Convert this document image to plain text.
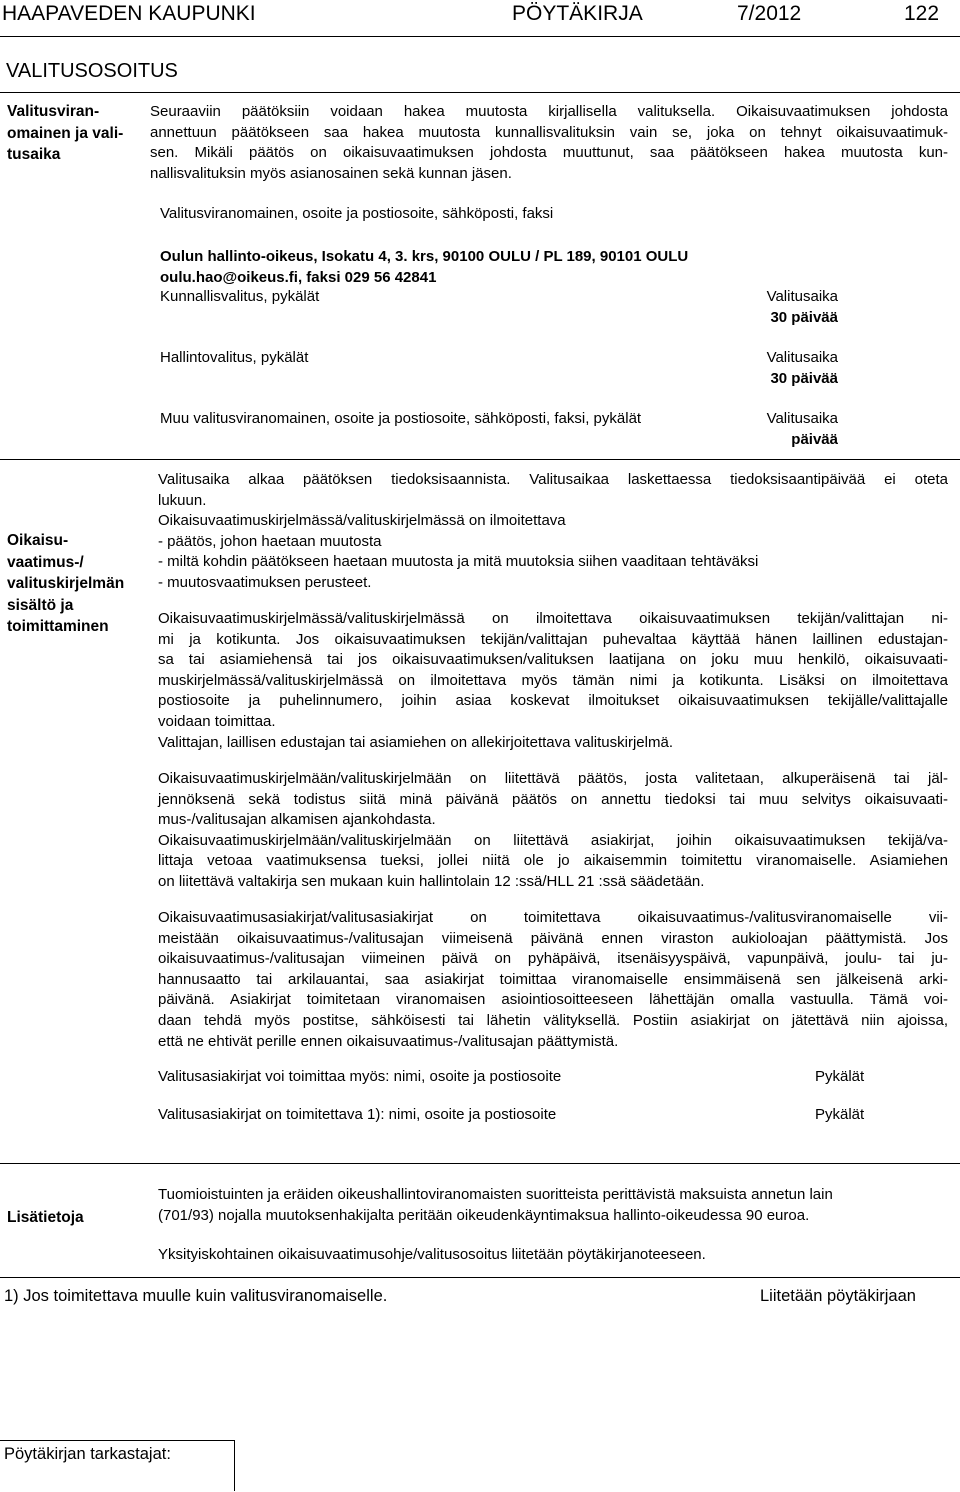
HAAPAVEDEN KAUPUNKI	PÖYTÄKIRJA	7/2012	122
VALITUSOSOITUS
Valitusviran-
omainen ja vali-
tusaika
Seuraaviin päätöksiin voidaan hakea muutosta kirjallisella valituksella. Oikaisuvaatimuksen johdosta
annettuun päätökseen saa hakea muutosta kunnallisvalituksin vain se, joka on tehnyt oikaisuvaatimuk-
sen. Mikäli päätös on oikaisuvaatimuksen johdosta muuttunut, saa päätökseen hakea muutosta kun-
nallisvalituksin myös asianosainen sekä kunnan jäsen.
Valitusviranomainen, osoite ja postiosoite, sähköposti, faksi
Oulun hallinto-oikeus, Isokatu 4, 3. krs, 90100 OULU / PL 189, 90101 OULU
oulu.hao@oikeus.fi, faksi 029 56 42841
Kunnallisvalitus, pykälät	Valitusaika
30 päivää
Hallintovalitus, pykälät	Valitusaika
30 päivää
Muu valitusviranomainen, osoite ja postiosoite, sähköposti, faksi, pykälät	Valitusaika
päivää
Oikaisu-
vaatimus-/
valituskirjelmän
sisältö ja
toimittaminen
Valitusaika alkaa päätöksen tiedoksisaannista. Valitusaikaa laskettaessa tiedoksisaantipäivää ei oteta
lukuun.
Oikaisuvaatimuskirjelmässä/valituskirjelmässä on ilmoitettava
- päätös, johon haetaan muutosta
- miltä kohdin päätökseen haetaan muutosta ja mitä muutoksia siihen vaaditaan tehtäväksi
- muutosvaatimuksen perusteet.
Oikaisuvaatimuskirjelmässä/valituskirjelmässä on ilmoitettava oikaisuvaatimuksen tekijän/valittajan ni-
mi ja kotikunta. Jos oikaisuvaatimuksen tekijän/valittajan puhevaltaa käyttää hänen laillinen edustajan-
sa tai asiamiehensä tai jos oikaisuvaatimuksen/valituksen laatijana on joku muu henkilö, oikaisuvaati-
muskirjelmässä/valituskirjelmässä on ilmoitettava myös tämän nimi ja kotikunta. Lisäksi on ilmoitettava
postiosoite ja puhelinnumero, joihin asiaa koskevat ilmoitukset oikaisuvaatimuksen tekijälle/valittajalle
voidaan toimittaa.
Valittajan, laillisen edustajan tai asiamiehen on allekirjoitettava valituskirjelmä.
Oikaisuvaatimuskirjelmään/valituskirjelmään on liitettävä päätös, josta valitetaan, alkuperäisenä tai jäl-
jennöksenä sekä todistus siitä minä päivänä päätös on annettu tiedoksi tai muu selvitys oikaisuvaati-
mus-/valitusajan alkamisen ajankohdasta.
Oikaisuvaatimuskirjelmään/valituskirjelmään on liitettävä asiakirjat, joihin oikaisuvaatimuksen tekijä/va-
littaja vetoaa vaatimuksensa tueksi, jollei niitä ole jo aikaisemmin toimitettu viranomaiselle. Asiamiehen
on liitettävä valtakirja sen mukaan kuin hallintolain 12 :ssä/HLL 21 :ssä säädetään.
Oikaisuvaatimusasiakirjat/valitusasiakirjat on toimitettava oikaisuvaatimus-/valitusviranomaiselle vii-
meistään oikaisuvaatimus-/valitusajan viimeisenä päivänä ennen viraston aukioloajan päättymistä. Jos
oikaisuvaatimus-/valitusajan viimeinen päivä on pyhäpäivä, itsenäisyyspäivä, vapunpäivä, joulu- tai ju-
hannusaatto tai arkilauantai, saa asiakirjat toimittaa viranomaiselle ensimmäisenä sen jälkeisenä arki-
päivänä. Asiakirjat toimitetaan viranomaisen asiointiosoitteeseen lähettäjän omalla vastuulla. Tämä voi-
daan tehdä myös postitse, sähköisesti tai lähetin välityksellä. Postiin asiakirjat on jätettävä niin ajoissa,
että ne ehtivät perille ennen oikaisuvaatimus-/valitusajan päättymistä.
Valitusasiakirjat voi toimittaa myös: nimi, osoite ja postiosoite	Pykälät
Valitusasiakirjat on toimitettava 1): nimi, osoite ja postiosoite	Pykälät
Lisätietoja
Tuomioistuinten ja eräiden oikeushallintoviranomaisten suoritteista perittävistä maksuista annetun lain
(701/93) nojalla muutoksenhakijalta peritään oikeudenkäyntimaksua hallinto-oikeudessa 90 euroa.
Yksityiskohtainen oikaisuvaatimusohje/valitusosoitus liitetään pöytäkirjanoteeseen.
1) Jos toimitettava muulle kuin valitusviranomaiselle.	Liitetään pöytäkirjaan
Pöytäkirjan tarkastajat:
